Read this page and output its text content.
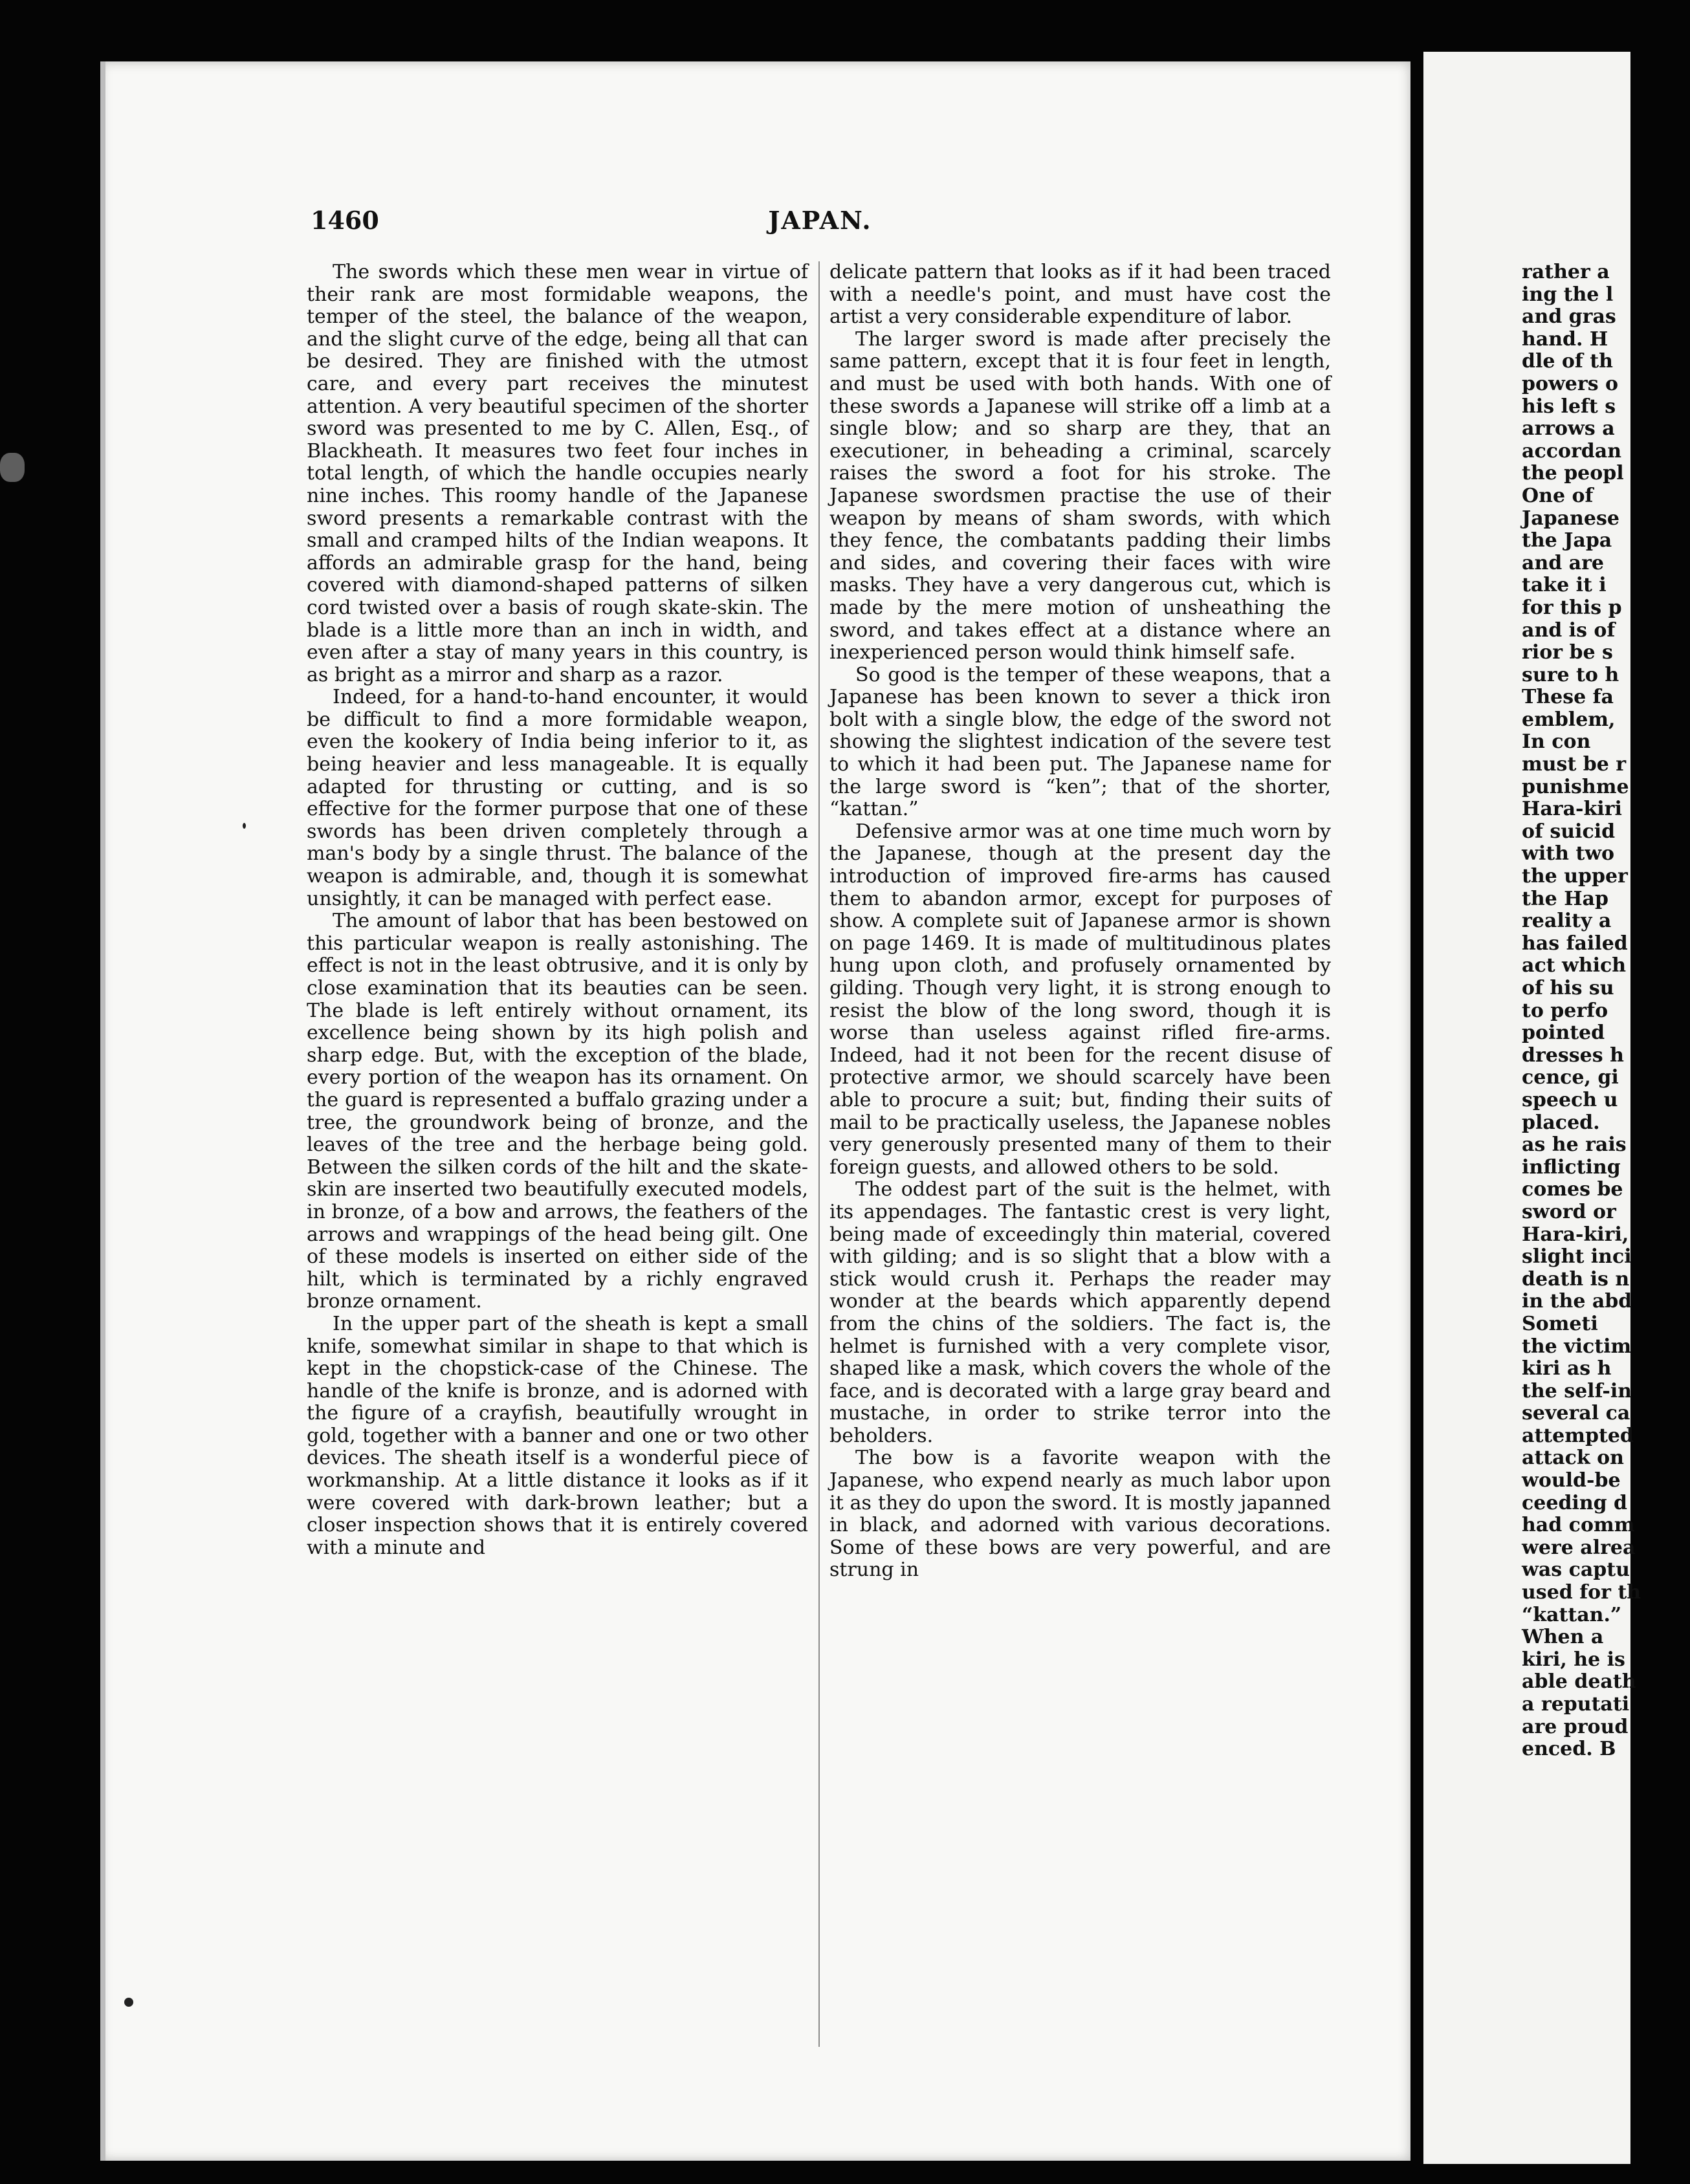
1460	JAPAN.

The swords which these men wear in virtue of their rank are most formidable weapons, the temper of the steel, the balance of the weapon, and the slight curve of the edge, being all that can be desired. They are finished with the utmost care, and every part receives the minutest attention. A very beautiful specimen of the shorter sword was presented to me by C. Allen, Esq., of Blackheath. It measures two feet four inches in total length, of which the handle occupies nearly nine inches. This roomy handle of the Japanese sword presents a remarkable contrast with the small and cramped hilts of the Indian weapons. It affords an admirable grasp for the hand, being covered with diamond-shaped patterns of silken cord twisted over a basis of rough skate-skin. The blade is a little more than an inch in width, and even after a stay of many years in this country, is as bright as a mirror and sharp as a razor.

Indeed, for a hand-to-hand encounter, it would be difficult to find a more formidable weapon, even the kookery of India being inferior to it, as being heavier and less manageable. It is equally adapted for thrusting or cutting, and is so effective for the former purpose that one of these swords has been driven completely through a man's body by a single thrust. The balance of the weapon is admirable, and, though it is somewhat unsightly, it can be managed with perfect ease.

The amount of labor that has been bestowed on this particular weapon is really astonishing. The effect is not in the least obtrusive, and it is only by close examination that its beauties can be seen. The blade is left entirely without ornament, its excellence being shown by its high polish and sharp edge. But, with the exception of the blade, every portion of the weapon has its ornament. On the guard is represented a buffalo grazing under a tree, the groundwork being of bronze, and the leaves of the tree and the herbage being gold. Between the silken cords of the hilt and the skate-skin are inserted two beautifully executed models, in bronze, of a bow and arrows, the feathers of the arrows and wrappings of the head being gilt. One of these models is inserted on either side of the hilt, which is terminated by a richly engraved bronze ornament.

In the upper part of the sheath is kept a small knife, somewhat similar in shape to that which is kept in the chopstick-case of the Chinese. The handle of the knife is bronze, and is adorned with the figure of a crayfish, beautifully wrought in gold, together with a banner and one or two other devices. The sheath itself is a wonderful piece of workmanship. At a little distance it looks as if it were covered with dark-brown leather; but a closer inspection shows that it is entirely covered with a minute and

delicate pattern that looks as if it had been traced with a needle's point, and must have cost the artist a very considerable expenditure of labor.

The larger sword is made after precisely the same pattern, except that it is four feet in length, and must be used with both hands. With one of these swords a Japanese will strike off a limb at a single blow; and so sharp are they, that an executioner, in beheading a criminal, scarcely raises the sword a foot for his stroke. The Japanese swordsmen practise the use of their weapon by means of sham swords, with which they fence, the combatants padding their limbs and sides, and covering their faces with wire masks. They have a very dangerous cut, which is made by the mere motion of unsheathing the sword, and takes effect at a distance where an inexperienced person would think himself safe.

So good is the temper of these weapons, that a Japanese has been known to sever a thick iron bolt with a single blow, the edge of the sword not showing the slightest indication of the severe test to which it had been put. The Japanese name for the large sword is “ken”; that of the shorter, “kattan.”

Defensive armor was at one time much worn by the Japanese, though at the present day the introduction of improved fire-arms has caused them to abandon armor, except for purposes of show. A complete suit of Japanese armor is shown on page 1469. It is made of multitudinous plates hung upon cloth, and profusely ornamented by gilding. Though very light, it is strong enough to resist the blow of the long sword, though it is worse than useless against rifled fire-arms. Indeed, had it not been for the recent disuse of protective armor, we should scarcely have been able to procure a suit; but, finding their suits of mail to be practically useless, the Japanese nobles very generously presented many of them to their foreign guests, and allowed others to be sold.

The oddest part of the suit is the helmet, with its appendages. The fantastic crest is very light, being made of exceedingly thin material, covered with gilding; and is so slight that a blow with a stick would crush it. Perhaps the reader may wonder at the beards which apparently depend from the chins of the soldiers. The fact is, the helmet is furnished with a very complete visor, shaped like a mask, which covers the whole of the face, and is decorated with a large gray beard and mustache, in order to strike terror into the beholders.

The bow is a favorite weapon with the Japanese, who expend nearly as much labor upon it as they do upon the sword. It is mostly japanned in black, and adorned with various decorations. Some of these bows are very powerful, and are strung in

rather a
ing the l
and gras
hand. H
dle of th
powers o
his left s
arrows a
accordan
the peopl
One of
Japanese
the Japa
and are
take it i
for this p
and is of
rior be s
sure to h
These fa
emblem,
In con
must be r
punishme
Hara-kiri
of suicid
with two
the upper
the Hap
reality a
has failed
act which
of his su
to perfo
pointed
dresses h
cence, gi
speech u
placed.
as he rais
inflicting
comes be
sword or
Hara-kiri,
slight inci
death is n
in the abd
Someti
the victim
kiri as h
the self-in
several ca
attempted
attack on
would-be
ceeding d
had comm
were alrea
was captu
used for th
“kattan.”
When a
kiri, he is
able death
a reputati
are proud
enced. B
